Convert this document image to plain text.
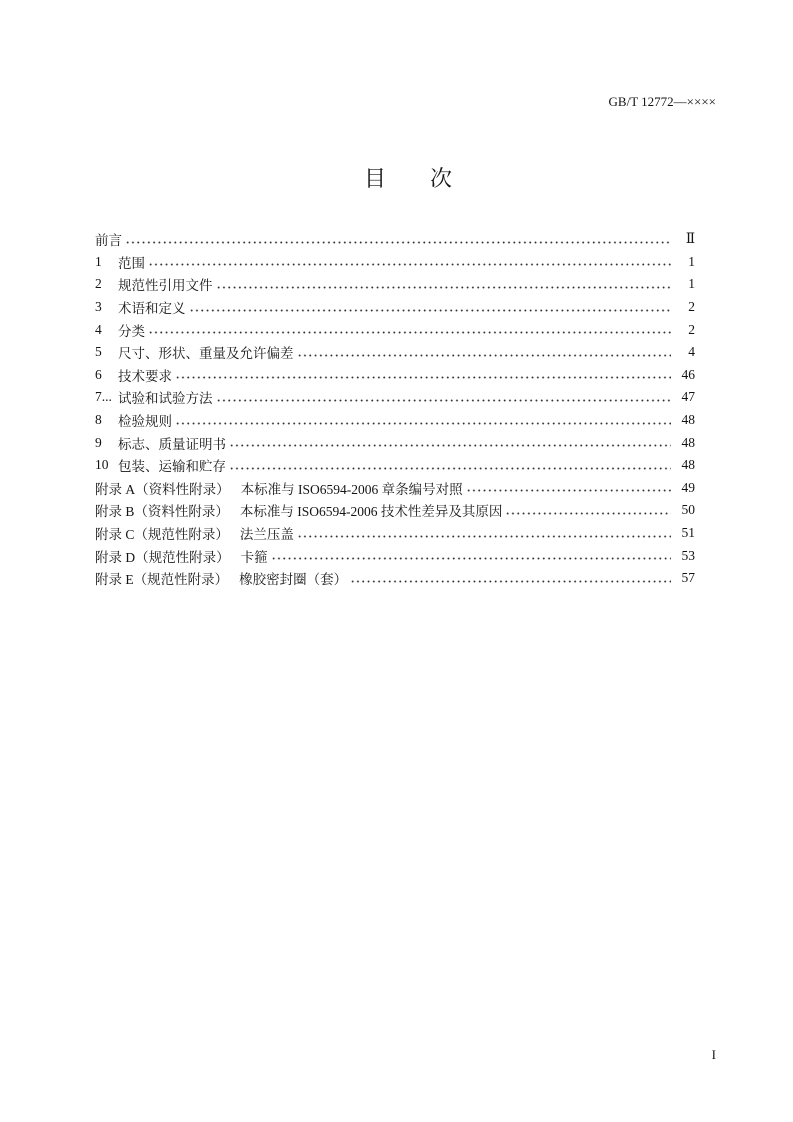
GB/T 12772—××××
目　次
前言	Ⅱ
1	范围	1
2	规范性引用文件	1
3	术语和定义	2
4	分类	2
5	尺寸、形状、重量及允许偏差	4
6	技术要求	46
7... 试验和试验方法	47
8	检验规则	48
9	标志、质量证明书	48
10 包装、运输和贮存	48
附录 A（资料性附录） 本标准与 ISO6594-2006 章条编号对照	49
附录 B（资料性附录） 本标准与 ISO6594-2006 技术性差异及其原因	50
附录 C（规范性附录） 法兰压盖	51
附录 D（规范性附录） 卡箍	53
附录 E（规范性附录） 橡胶密封圈（套）	57
I
